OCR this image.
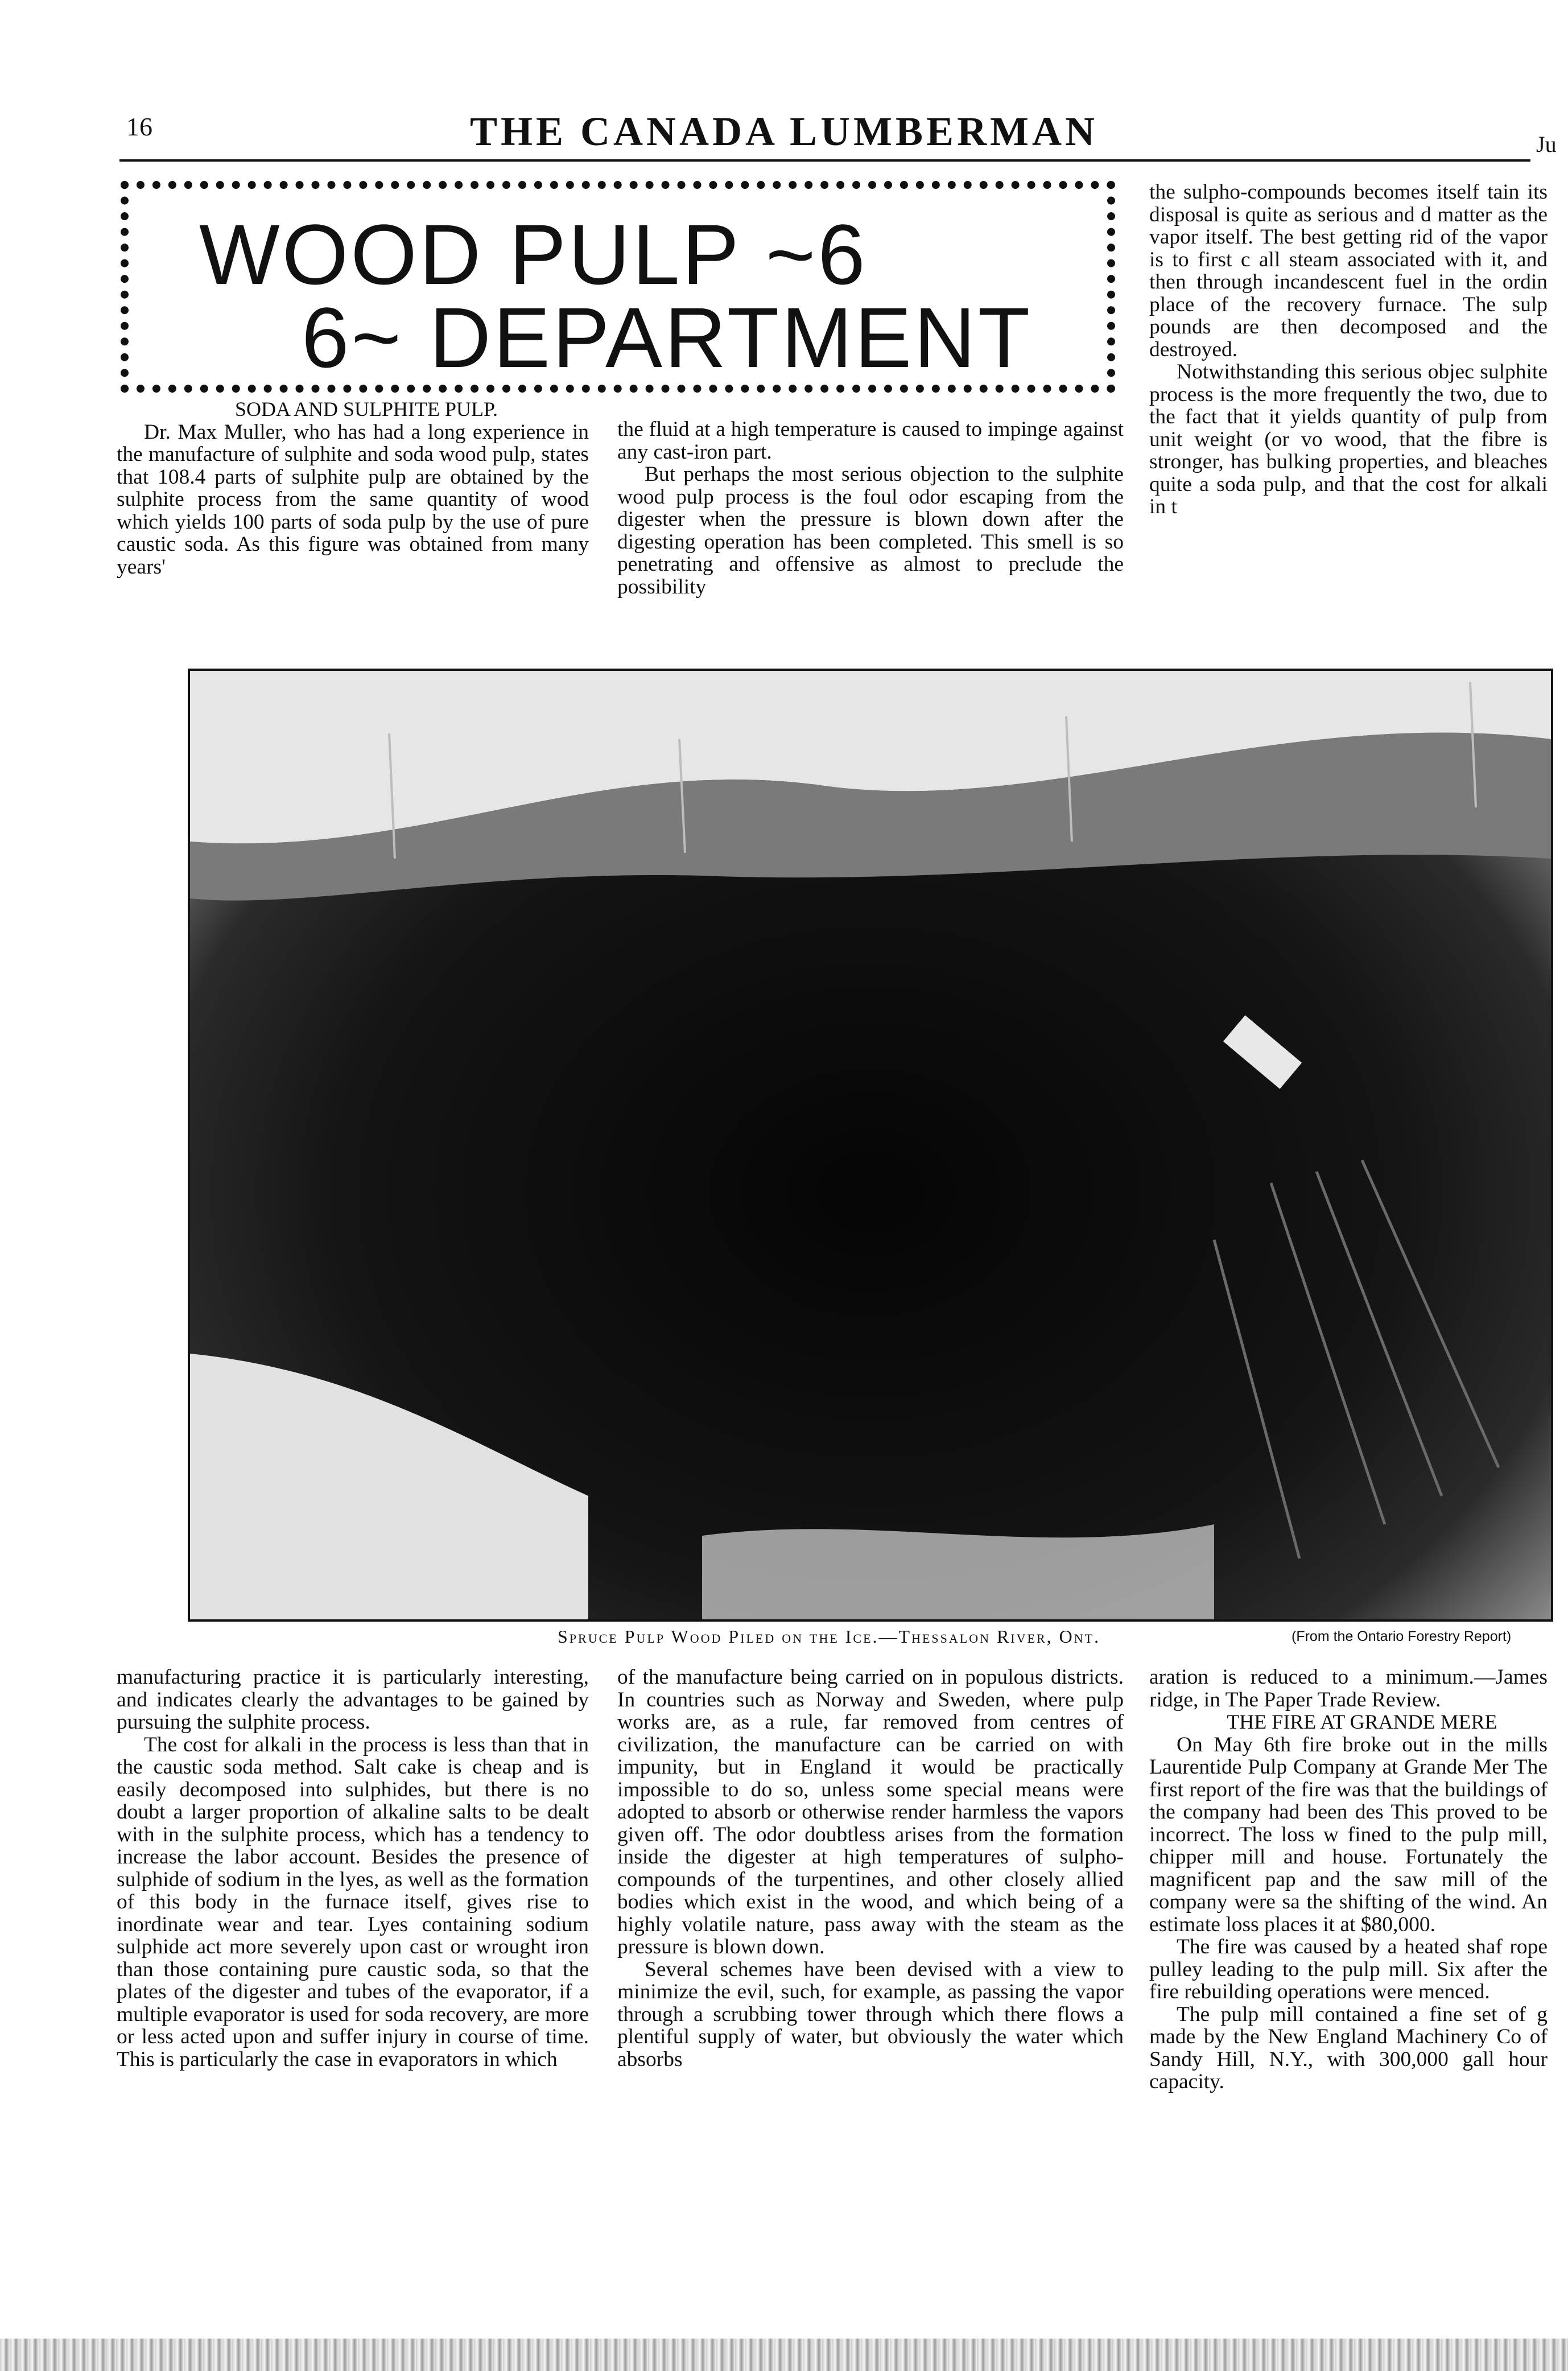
16	THE CANADA LUMBERMAN	Ju
WOOD PULP ~6
6~ DEPARTMENT

SODA AND SULPHITE PULP.

Dr. Max Muller, who has had a long experience in the manufacture of sulphite and soda wood pulp, states that 108.4 parts of sulphite pulp are obtained by the sulphite process from the same quantity of wood which yields 100 parts of soda pulp by the use of pure caustic soda. As this figure was obtained from many years'

the fluid at a high temperature is caused to impinge against any cast-iron part.

But perhaps the most serious objection to the sulphite wood pulp process is the foul odor escaping from the digester when the pressure is blown down after the digesting operation has been completed. This smell is so penetrating and offensive as almost to preclude the possibility

the sulpho-compounds becomes itself tain its disposal is quite as serious and d matter as the vapor itself. The best getting rid of the vapor is to first c all steam associated with it, and then through incandescent fuel in the ordin place of the recovery furnace. The sulp pounds are then decomposed and the destroyed.

Notwithstanding this serious objec sulphite process is the more frequently the two, due to the fact that it yields quantity of pulp from unit weight (or vo wood, that the fibre is stronger, has bulking properties, and bleaches quite a soda pulp, and that the cost for alkali in t

Spruce Pulp Wood Piled on the Ice.—Thessalon River, Ont.	(From the Ontario Forestry Report)

manufacturing practice it is particularly interesting, and indicates clearly the advantages to be gained by pursuing the sulphite process.

The cost for alkali in the process is less than that in the caustic soda method. Salt cake is cheap and is easily decomposed into sulphides, but there is no doubt a larger proportion of alkaline salts to be dealt with in the sulphite process, which has a tendency to increase the labor account. Besides the presence of sulphide of sodium in the lyes, as well as the formation of this body in the furnace itself, gives rise to inordinate wear and tear. Lyes containing sodium sulphide act more severely upon cast or wrought iron than those containing pure caustic soda, so that the plates of the digester and tubes of the evaporator, if a multiple evaporator is used for soda recovery, are more or less acted upon and suffer injury in course of time. This is particularly the case in evaporators in which

of the manufacture being carried on in populous districts. In countries such as Norway and Sweden, where pulp works are, as a rule, far removed from centres of civilization, the manufacture can be carried on with impunity, but in England it would be practically impossible to do so, unless some special means were adopted to absorb or otherwise render harmless the vapors given off. The odor doubtless arises from the formation inside the digester at high temperatures of sulpho-compounds of the turpentines, and other closely allied bodies which exist in the wood, and which being of a highly volatile nature, pass away with the steam as the pressure is blown down.

Several schemes have been devised with a view to minimize the evil, such, for example, as passing the vapor through a scrubbing tower through which there flows a plentiful supply of water, but obviously the water which absorbs

aration is reduced to a minimum.—James ridge, in The Paper Trade Review.

THE FIRE AT GRANDE MERE

On May 6th fire broke out in the mills Laurentide Pulp Company at Grande Mer The first report of the fire was that the buildings of the company had been des This proved to be incorrect. The loss w fined to the pulp mill, chipper mill and house. Fortunately the magnificent pap and the saw mill of the company were sa the shifting of the wind. An estimate loss places it at $80,000.

The fire was caused by a heated shaf rope pulley leading to the pulp mill. Six after the fire rebuilding operations were menced.

The pulp mill contained a fine set of g made by the New England Machinery Co of Sandy Hill, N.Y., with 300,000 gall hour capacity.
